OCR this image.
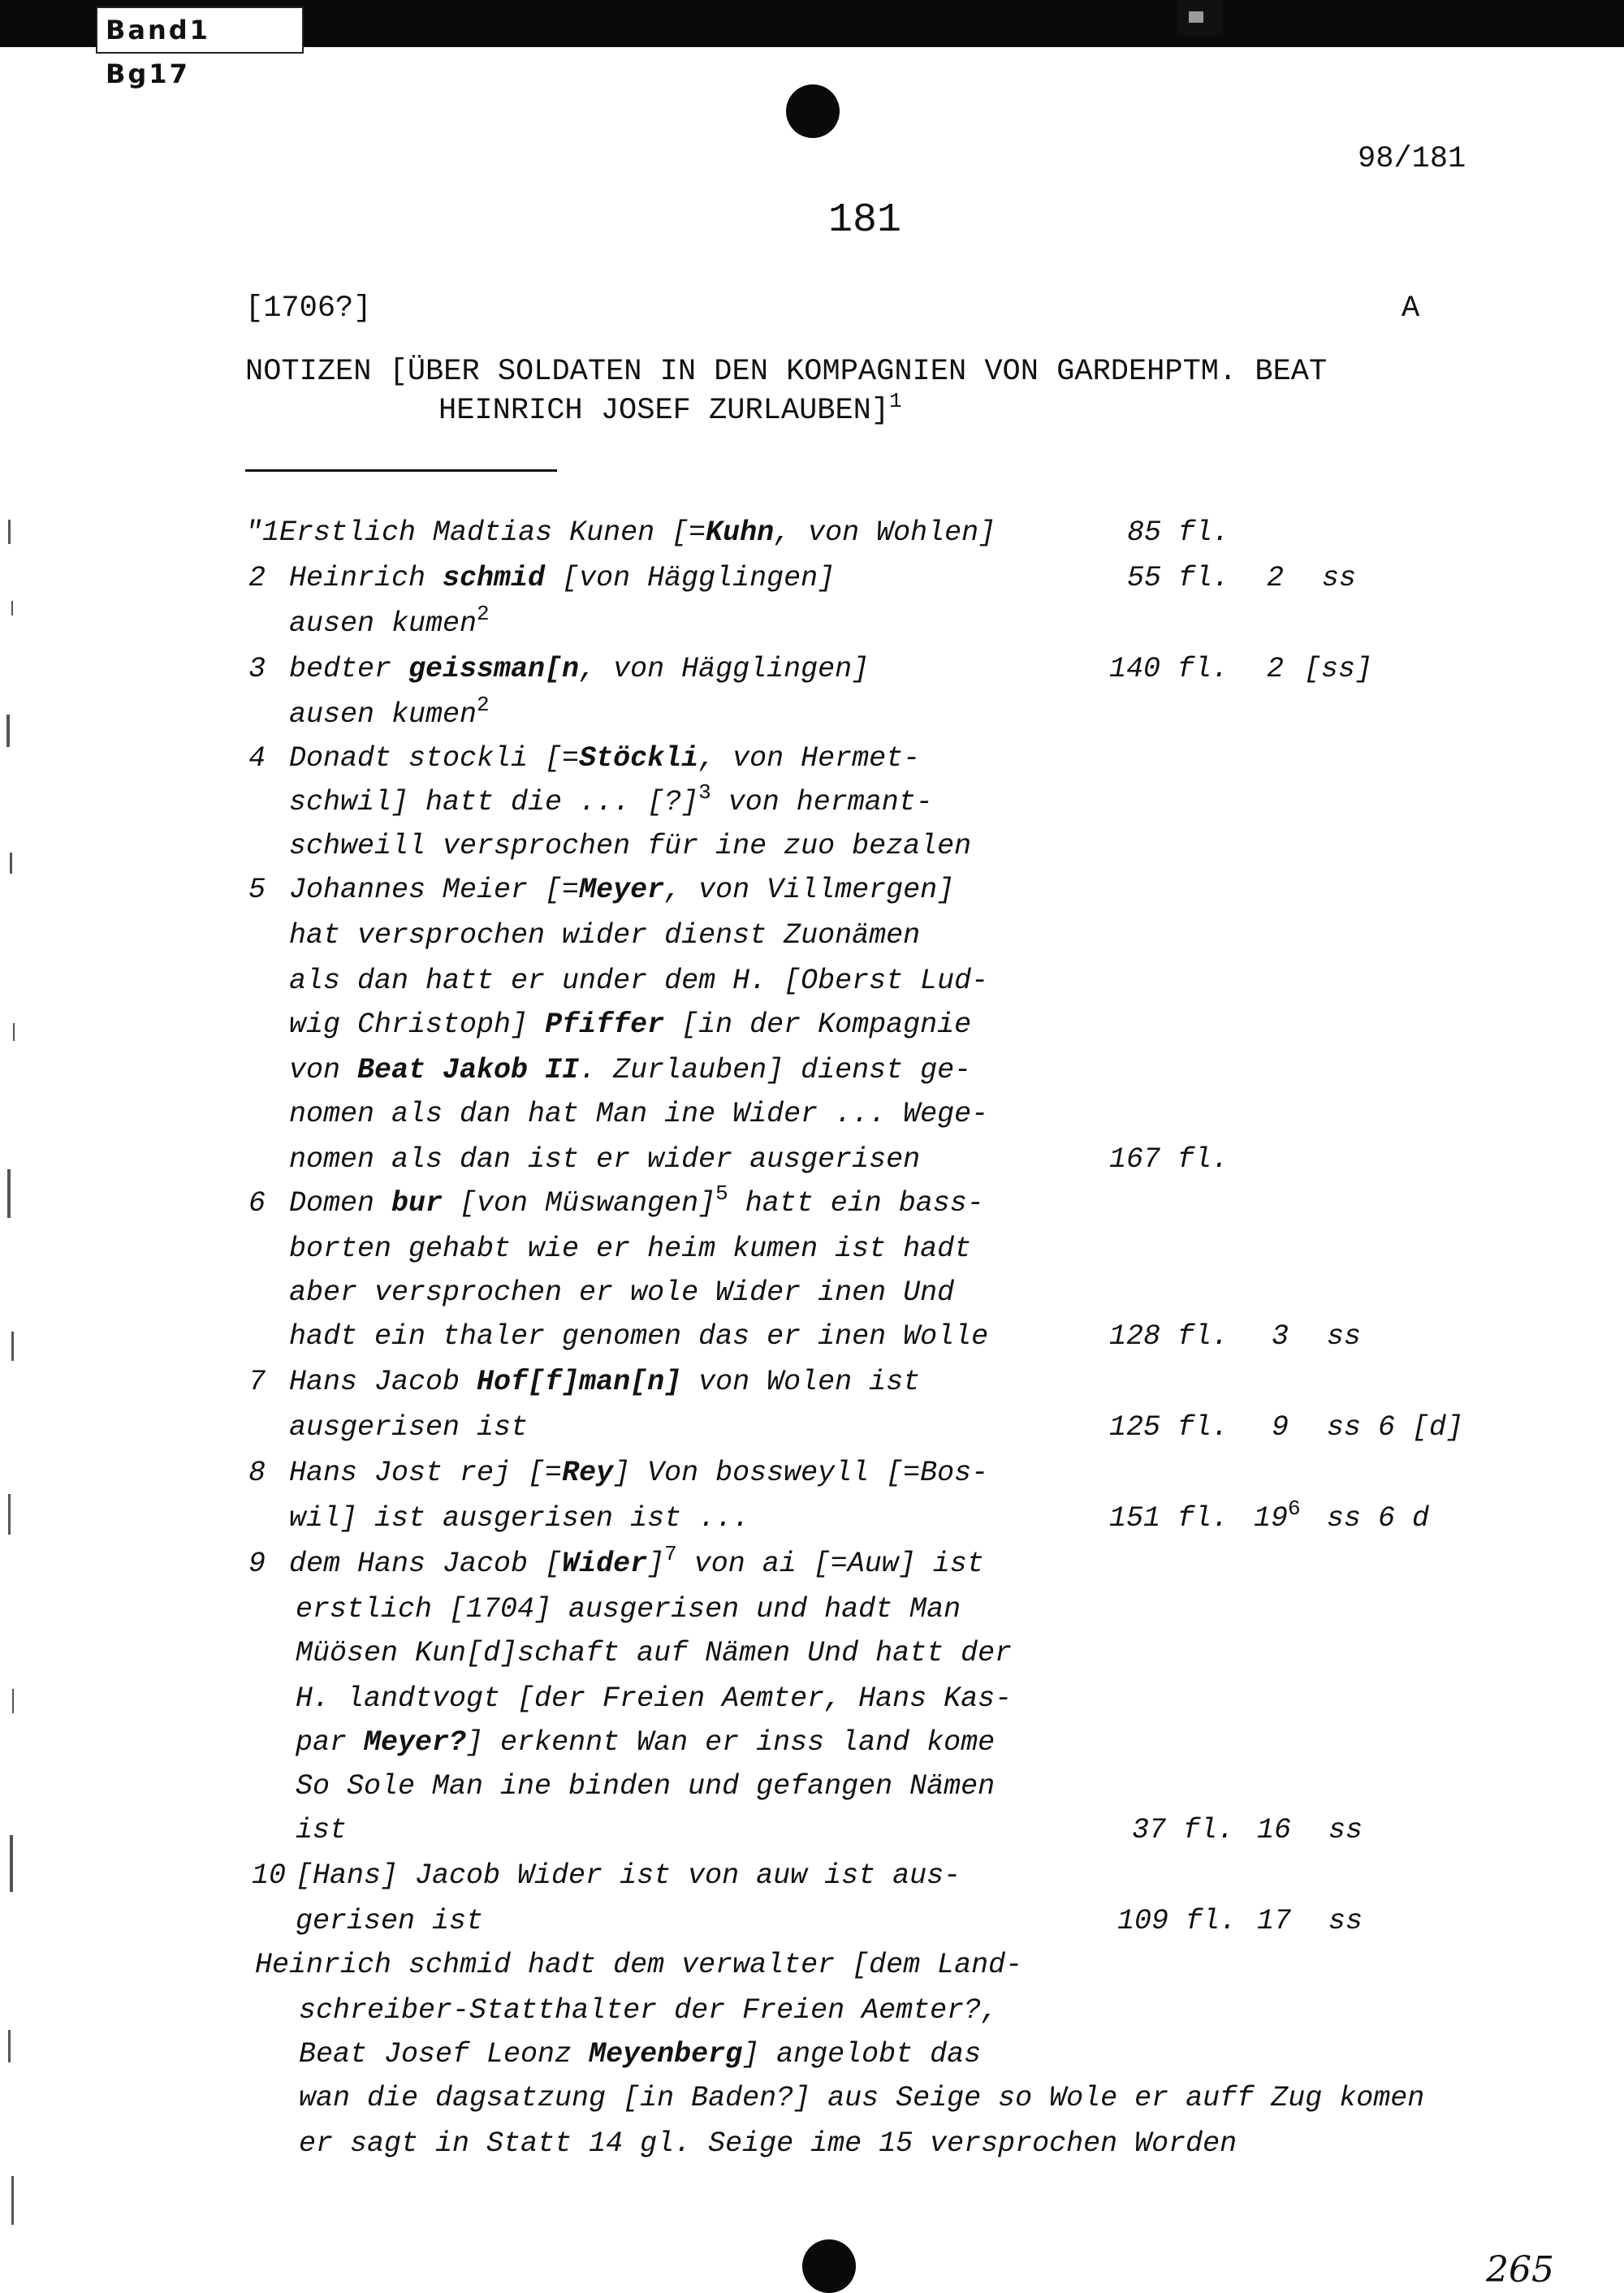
Band1 Bg17
98/181
181
[1706?]	A
NOTIZEN [ÜBER SOLDATEN IN DEN KOMPAGNIEN VON GARDEHPTM. BEAT
HEINRICH JOSEF ZURLAUBEN]$^1$
"1Erstlich Madtias Kunen [=Kuhn, von Wohlen]	85 fl.
2 Heinrich schmid [von Hägglingen]	55 fl. 2 ss
ausen kumen$^2$
3 bedter geissman[n, von Hägglingen]	140 fl. 2 [ss]
ausen kumen$^2$
4 Donadt stockli [=Stöckli, von Hermet-
schwil] hatt die ... [?]$^3$ von hermant-
schweill versprochen für ine zuo bezalen
5 Johannes Meier [=Meyer, von Villmergen]
hat versprochen wider dienst Zuonämen
als dan hatt er under dem H. [Oberst Lud-
wig Christoph] Pfiffer [in der Kompagnie
von Beat Jakob II. Zurlauben] dienst ge-
nomen als dan hat Man ine Wider ... Wege-
nomen als dan ist er wider ausgerisen	167 fl.
6 Domen bur [von Müswangen]$^5$ hatt ein bass-
borten gehabt wie er heim kumen ist hadt
aber versprochen er wole Wider inen Und
hadt ein thaler genomen das er inen Wolle	128 fl. 3 ss
7 Hans Jacob Hof[f]man[n] von Wolen ist
ausgerisen ist	125 fl. 9 ss 6 [d]
8 Hans Jost rej [=Rey] Von bossweyll [=Bos-
wil] ist ausgerisen ist ...	151 fl. $19^6$ ss 6 d
9 dem Hans Jacob [Wider]$^7$ von ai [=Auw] ist
erstlich [1704] ausgerisen und hadt Man
Müösen Kun[d]schaft auf Nämen Und hatt der
H. landtvogt [der Freien Aemter, Hans Kas-
par Meyer?] erkennt Wan er inss land kome
So Sole Man ine binden und gefangen Nämen
ist	37 fl. 16 ss
10 [Hans] Jacob Wider ist von auw ist aus-
gerisen ist	109 fl. 17 ss
Heinrich schmid hadt dem verwalter [dem Land-
schreiber-Statthalter der Freien Aemter?,
Beat Josef Leonz Meyenberg] angelobt das
wan die dagsatzung [in Baden?] aus Seige so Wole er auff Zug komen
er sagt in Statt 14 gl. Seige ime 15 versprochen Worden
265
